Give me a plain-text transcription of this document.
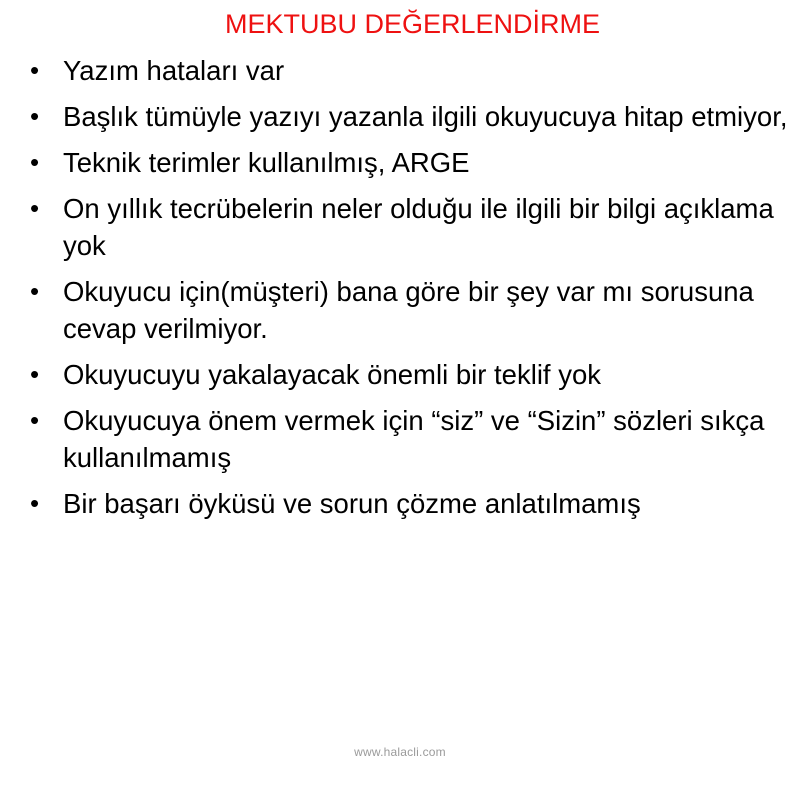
MEKTUBU DEĞERLENDİRME
• Yazım hataları var
• Başlık tümüyle yazıyı yazanla ilgili okuyucuya hitap etmiyor,
• Teknik terimler kullanılmış, ARGE
• On yıllık tecrübelerin neler olduğu ile ilgili bir bilgi açıklama yok
• Okuyucu için(müşteri) bana göre bir şey var mı sorusuna cevap verilmiyor.
• Okuyucuyu yakalayacak önemli bir teklif yok
• Okuyucuya önem vermek için “siz” ve “Sizin” sözleri sıkça kullanılmamış
• Bir başarı öyküsü ve sorun çözme anlatılmamış
www.halacli.com
